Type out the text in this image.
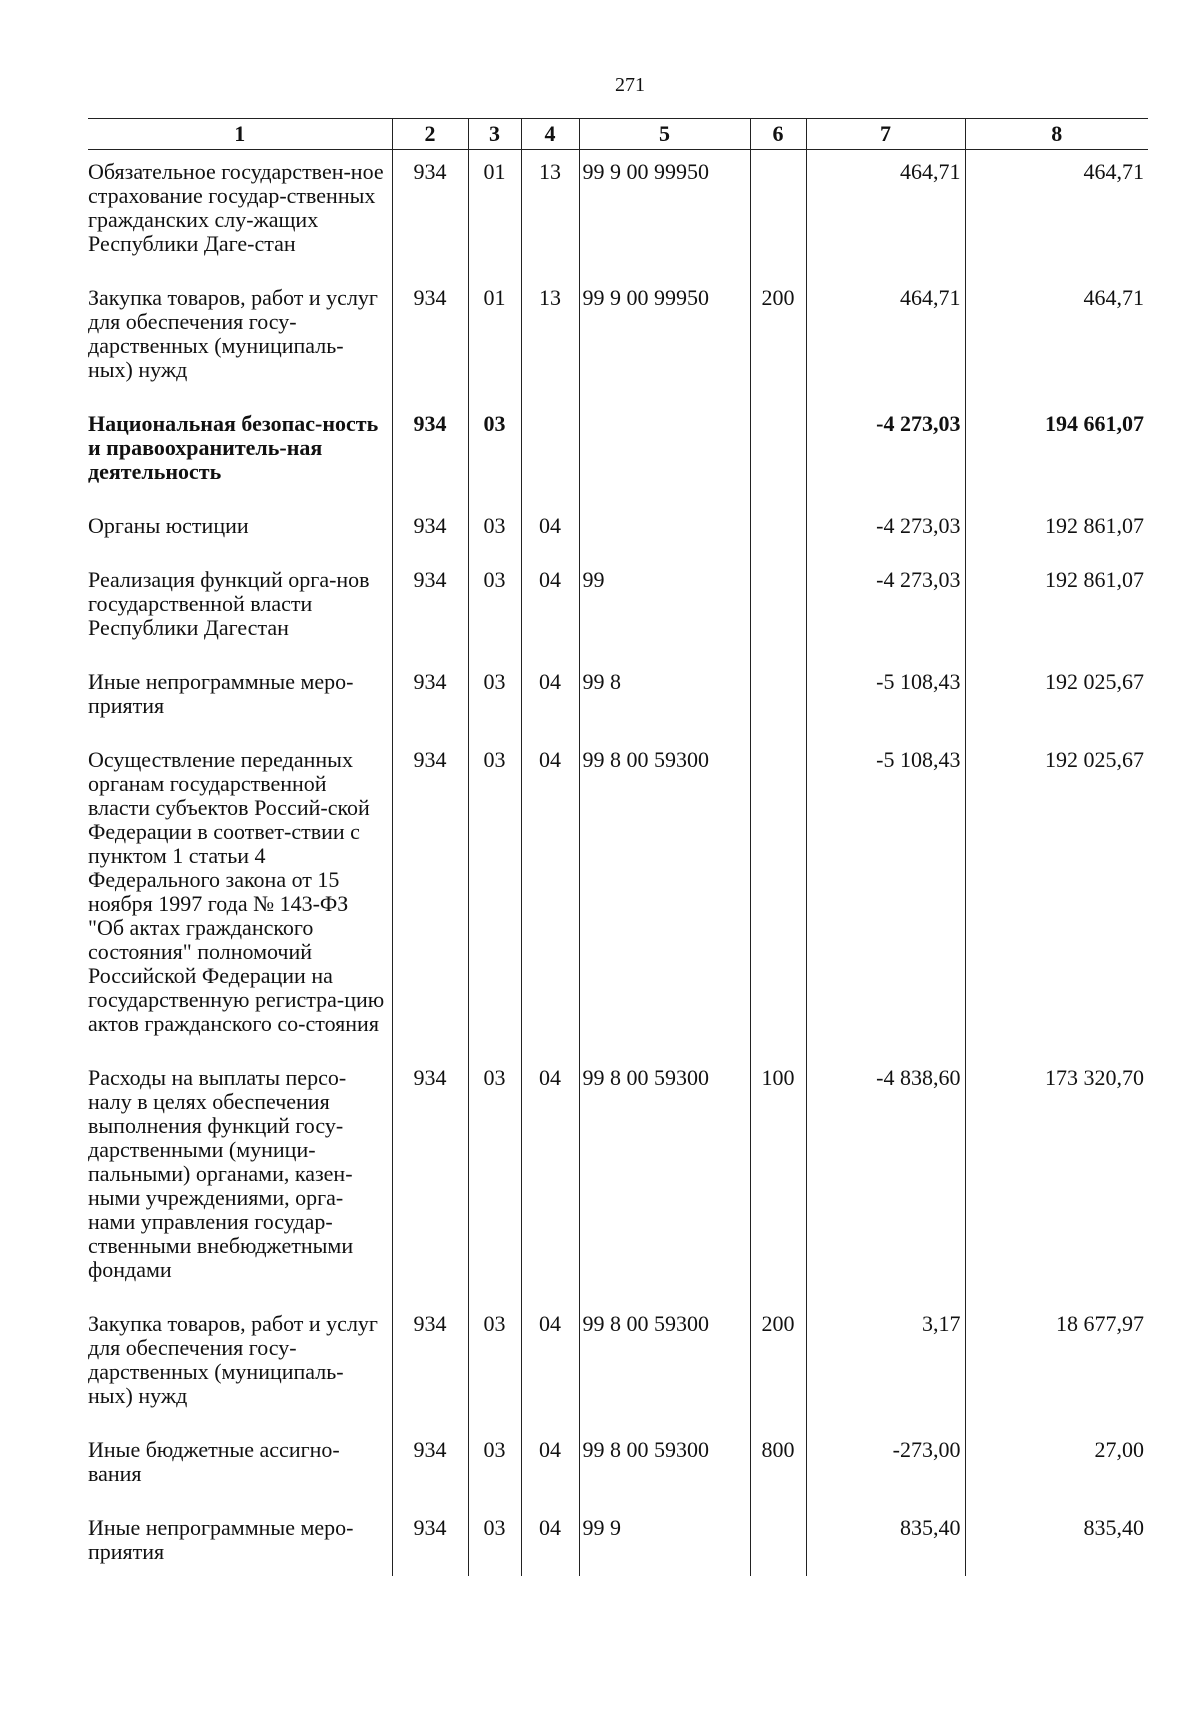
271
1	2	3	4	5	6	7	8
Обязательное государствен-ное страхование государ-ственных гражданских слу-жащих Республики Даге-стан	934	01	13	99 9 00 99950		464,71	464,71
Закупка товаров, работ и услуг для обеспечения госу-дарственных (муниципаль-ных) нужд	934	01	13	99 9 00 99950	200	464,71	464,71
Национальная безопас-ность и правоохранитель-ная деятельность	934	03				-4 273,03	194 661,07
Органы юстиции	934	03	04			-4 273,03	192 861,07
Реализация функций орга-нов государственной власти Республики Дагестан	934	03	04	99		-4 273,03	192 861,07
Иные непрограммные меро-приятия	934	03	04	99 8		-5 108,43	192 025,67
Осуществление переданных органам государственной власти субъектов Россий-ской Федерации в соответ-ствии с пунктом 1 статьи 4 Федерального закона от 15 ноября 1997 года № 143-ФЗ "Об актах гражданского состояния" полномочий Российской Федерации на государственную регистра-цию актов гражданского со-стояния	934	03	04	99 8 00 59300		-5 108,43	192 025,67
Расходы на выплаты персо-налу в целях обеспечения выполнения функций госу-дарственными (муници-пальными) органами, казен-ными учреждениями, орга-нами управления государ-ственными внебюджетными фондами	934	03	04	99 8 00 59300	100	-4 838,60	173 320,70
Закупка товаров, работ и услуг для обеспечения госу-дарственных (муниципаль-ных) нужд	934	03	04	99 8 00 59300	200	3,17	18 677,97
Иные бюджетные ассигно-вания	934	03	04	99 8 00 59300	800	-273,00	27,00
Иные непрограммные меро-приятия	934	03	04	99 9		835,40	835,40
